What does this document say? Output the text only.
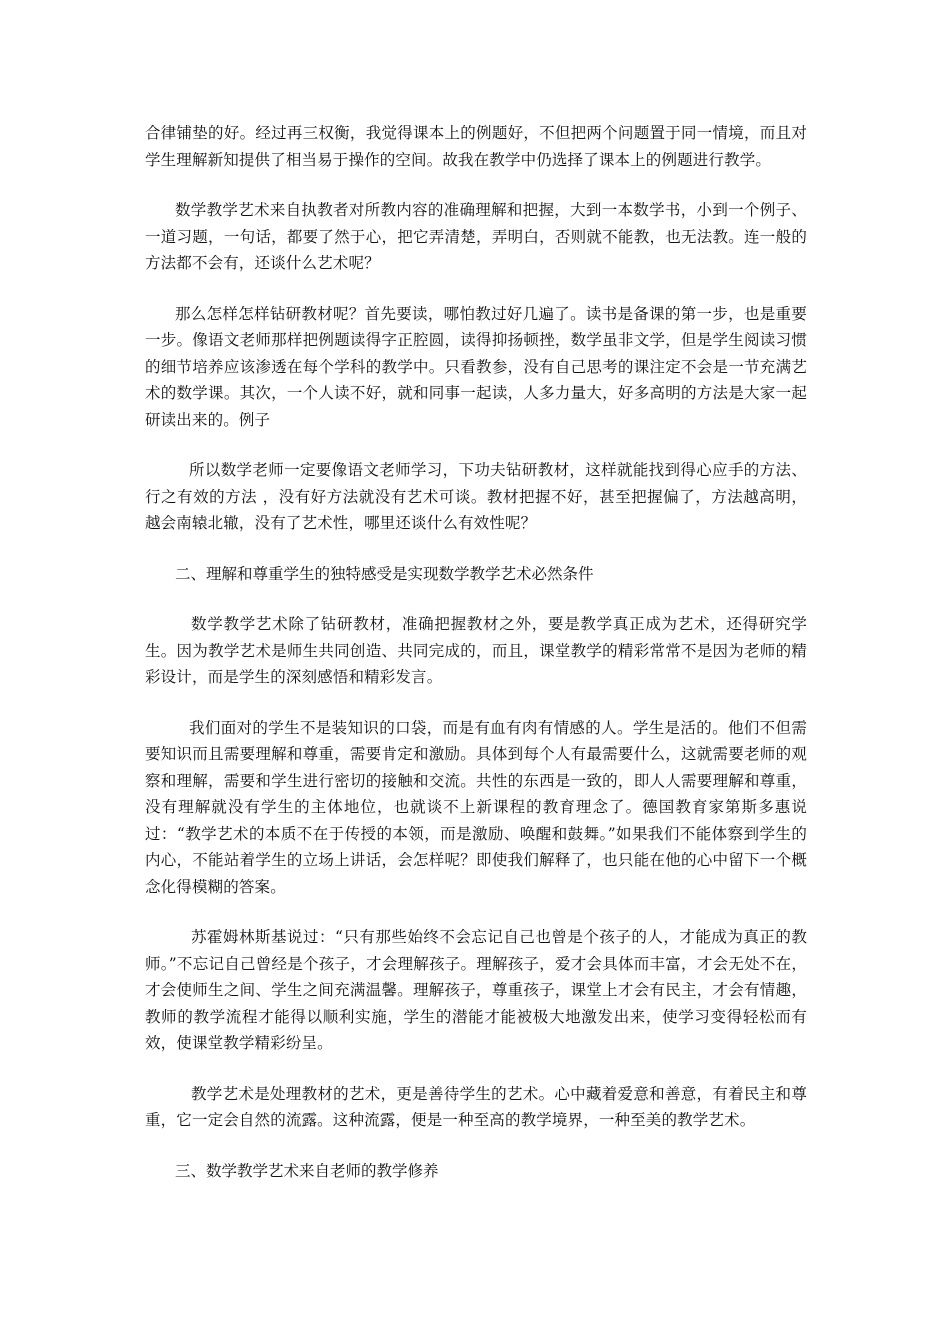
合律铺垫的好。经过再三权衡，我觉得课本上的例题好，不但把两个问题置于同一情境，而且对学生理解新知提供了相当易于操作的空间。故我在教学中仍选择了课本上的例题进行教学。

数学教学艺术来自执教者对所教内容的准确理解和把握，大到一本数学书，小到一个例子、一道习题，一句话，都要了然于心，把它弄清楚，弄明白，否则就不能教，也无法教。连一般的方法都不会有，还谈什么艺术呢？

那么怎样怎样钻研教材呢？首先要读，哪怕教过好几遍了。读书是备课的第一步，也是重要一步。像语文老师那样把例题读得字正腔圆，读得抑扬顿挫，数学虽非文学，但是学生阅读习惯的细节培养应该渗透在每个学科的教学中。只看教参，没有自己思考的课注定不会是一节充满艺术的数学课。其次，一个人读不好，就和同事一起读，人多力量大，好多高明的方法是大家一起研读出来的。例子

所以数学老师一定要像语文老师学习，下功夫钻研教材，这样就能找到得心应手的方法、行之有效的方法 ，没有好方法就没有艺术可谈。教材把握不好，甚至把握偏了，方法越高明，越会南辕北辙，没有了艺术性，哪里还谈什么有效性呢？

二、理解和尊重学生的独特感受是实现数学教学艺术必然条件

数学教学艺术除了钻研教材，准确把握教材之外，要是教学真正成为艺术，还得研究学生。因为教学艺术是师生共同创造、共同完成的，而且，课堂教学的精彩常常不是因为老师的精彩设计，而是学生的深刻感悟和精彩发言。

我们面对的学生不是装知识的口袋，而是有血有肉有情感的人。学生是活的。他们不但需要知识而且需要理解和尊重，需要肯定和激励。具体到每个人有最需要什么，这就需要老师的观察和理解，需要和学生进行密切的接触和交流。共性的东西是一致的，即人人需要理解和尊重，没有理解就没有学生的主体地位，也就谈不上新课程的教育理念了。德国教育家第斯多惠说过：“教学艺术的本质不在于传授的本领，而是激励、唤醒和鼓舞。”如果我们不能体察到学生的内心，不能站着学生的立场上讲话，会怎样呢？即使我们解释了，也只能在他的心中留下一个概念化得模糊的答案。

苏霍姆林斯基说过：“只有那些始终不会忘记自己也曾是个孩子的人，才能成为真正的教师。”不忘记自己曾经是个孩子，才会理解孩子。理解孩子，爱才会具体而丰富，才会无处不在，才会使师生之间、学生之间充满温馨。理解孩子，尊重孩子，课堂上才会有民主，才会有情趣，教师的教学流程才能得以顺利实施，学生的潜能才能被极大地激发出来，使学习变得轻松而有效，使课堂教学精彩纷呈。

教学艺术是处理教材的艺术，更是善待学生的艺术。心中藏着爱意和善意，有着民主和尊重，它一定会自然的流露。这种流露，便是一种至高的教学境界，一种至美的教学艺术。

三、数学教学艺术来自老师的教学修养
